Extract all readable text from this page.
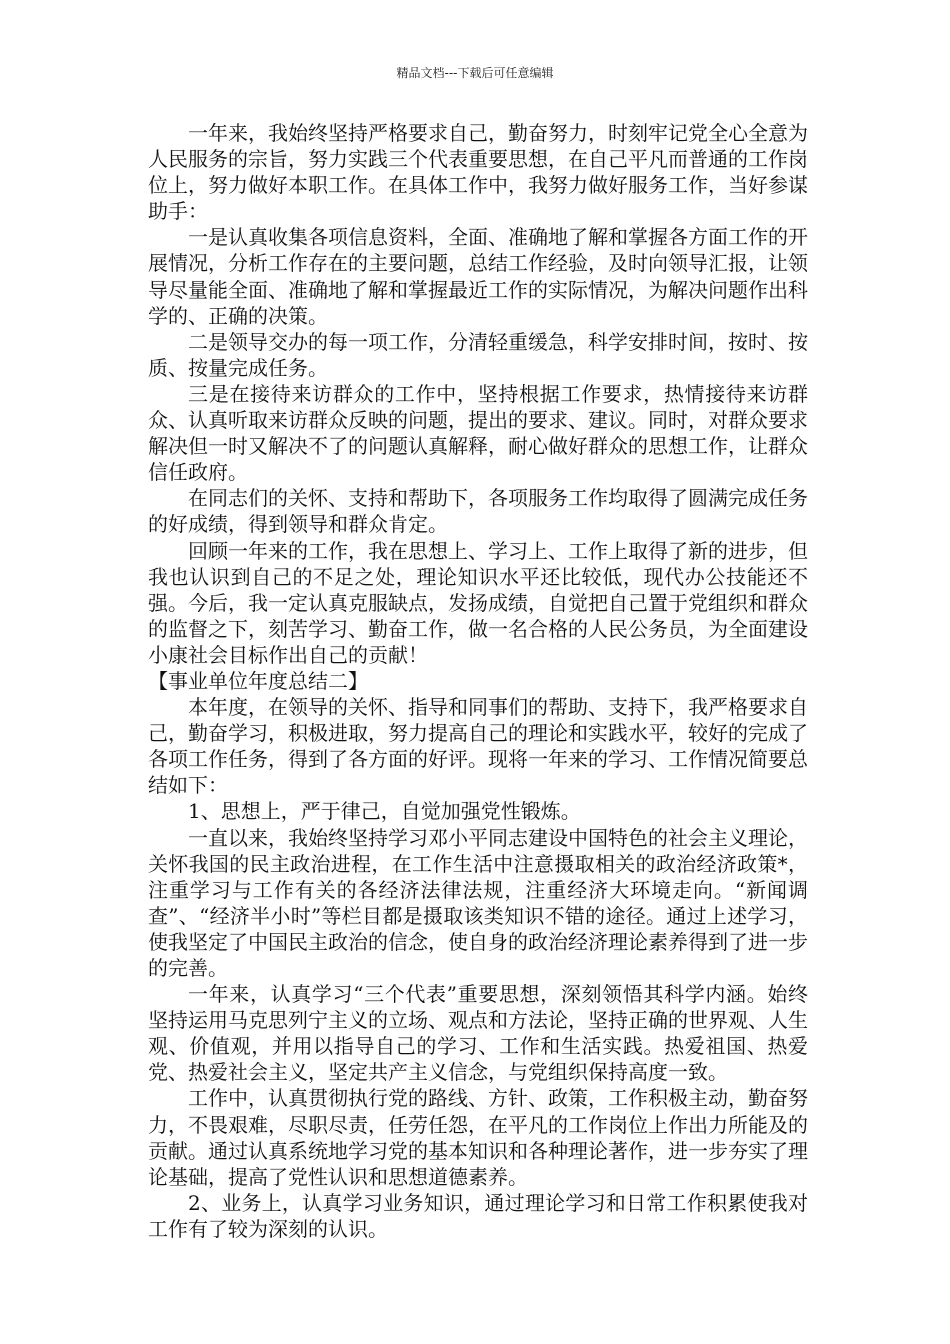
精品文档---下载后可任意编辑

一年来，我始终坚持严格要求自己，勤奋努力，时刻牢记党全心全意为人民服务的宗旨，努力实践三个代表重要思想，在自己平凡而普通的工作岗位上，努力做好本职工作。在具体工作中，我努力做好服务工作，当好参谋助手：

一是认真收集各项信息资料，全面、准确地了解和掌握各方面工作的开展情况，分析工作存在的主要问题，总结工作经验，及时向领导汇报，让领导尽量能全面、准确地了解和掌握最近工作的实际情况，为解决问题作出科学的、正确的决策。

二是领导交办的每一项工作，分清轻重缓急，科学安排时间，按时、按质、按量完成任务。

三是在接待来访群众的工作中，坚持根据工作要求，热情接待来访群众、认真听取来访群众反映的问题，提出的要求、建议。同时，对群众要求解决但一时又解决不了的问题认真解释，耐心做好群众的思想工作，让群众信任政府。

在同志们的关怀、支持和帮助下，各项服务工作均取得了圆满完成任务的好成绩，得到领导和群众肯定。

回顾一年来的工作，我在思想上、学习上、工作上取得了新的进步，但我也认识到自己的不足之处，理论知识水平还比较低，现代办公技能还不强。今后，我一定认真克服缺点，发扬成绩，自觉把自己置于党组织和群众的监督之下，刻苦学习、勤奋工作，做一名合格的人民公务员，为全面建设小康社会目标作出自己的贡献！

【事业单位年度总结二】

本年度，在领导的关怀、指导和同事们的帮助、支持下，我严格要求自己，勤奋学习，积极进取，努力提高自己的理论和实践水平，较好的完成了各项工作任务，得到了各方面的好评。现将一年来的学习、工作情况简要总结如下：

1、思想上，严于律己，自觉加强党性锻炼。

一直以来，我始终坚持学习邓小平同志建设中国特色的社会主义理论，关怀我国的民主政治进程，在工作生活中注意摄取相关的政治经济政策*，注重学习与工作有关的各经济法律法规，注重经济大环境走向。“新闻调查”、“经济半小时”等栏目都是摄取该类知识不错的途径。通过上述学习，使我坚定了中国民主政治的信念，使自身的政治经济理论素养得到了进一步的完善。

一年来，认真学习“三个代表”重要思想，深刻领悟其科学内涵。始终坚持运用马克思列宁主义的立场、观点和方法论，坚持正确的世界观、人生观、价值观，并用以指导自己的学习、工作和生活实践。热爱祖国、热爱党、热爱社会主义，坚定共产主义信念，与党组织保持高度一致。

工作中，认真贯彻执行党的路线、方针、政策，工作积极主动，勤奋努力，不畏艰难，尽职尽责，任劳任怨，在平凡的工作岗位上作出力所能及的贡献。通过认真系统地学习党的基本知识和各种理论著作，进一步夯实了理论基础，提高了党性认识和思想道德素养。

2、业务上，认真学习业务知识，通过理论学习和日常工作积累使我对工作有了较为深刻的认识。
